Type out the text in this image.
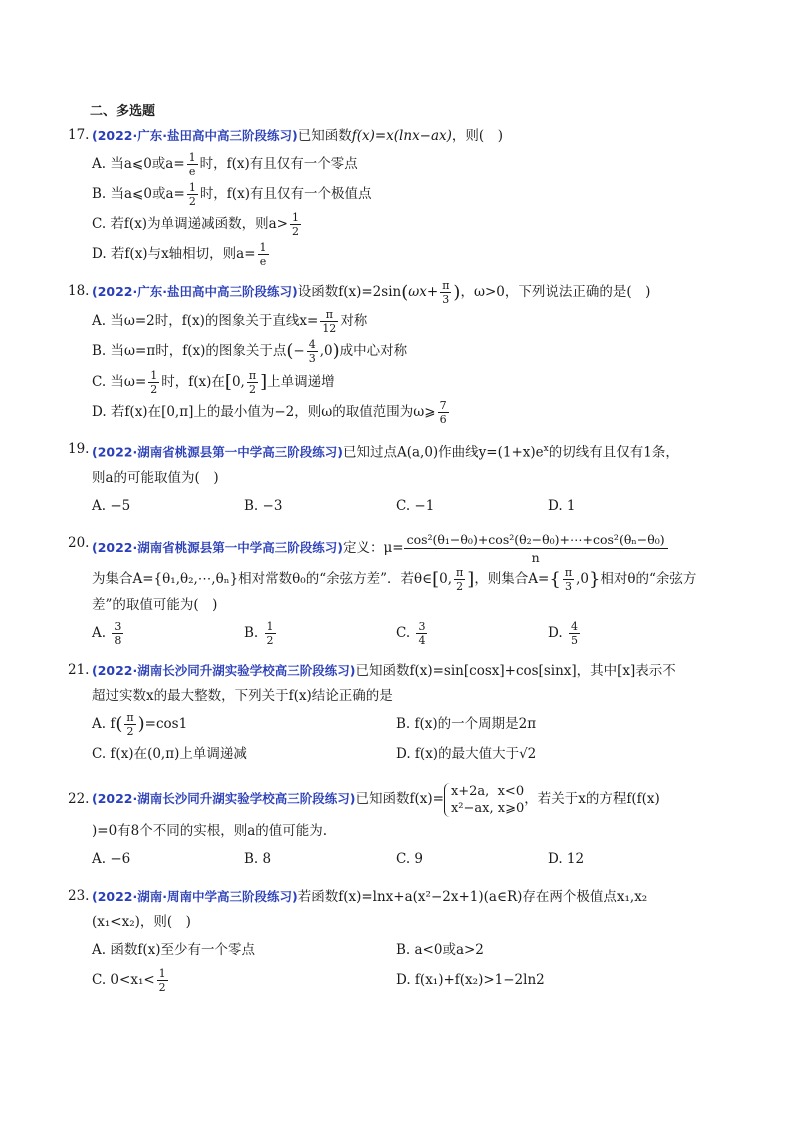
二、多选题
17. (2022·广东·盐田高中高三阶段练习)已知函数f(x)=x(lnx−ax)，则(　)
A. 当a⩽0或$a= \frac{1}{e}$ 时，f(x)有且仅有一个零点
B. 当a⩽0或$a= \frac{1}{2}$ 时，f(x)有且仅有一个极值点
C. 若f(x)为单调递减函数，则$a> \frac{1}{2}$
D. 若f(x)与x轴相切，则$a= \frac{1}{e}$
18. (2022·广东·盐田高中高三阶段练习)设函数$f(x)=2\sin(\omega x+ \frac{\pi}{3}$ )，ω>0，下列说法正确的是(　)
A. 当ω=2时，f(x)的图象关于直线$x= \frac{\pi}{12}$ 对称
B. 当ω=π时，f(x)的图象关于点(− $\frac{4}{3} ,0$)成中心对称
C. 当$\omega= \frac{1}{2}$ 时，f(x)在[0, $\frac{\pi}{2}$ ]上单调递增
D. 若f(x)在[0,π]上的最小值为−2，则ω的取值范围为ω⩾ $\frac{7}{6}$
19. (2022·湖南省桃源县第一中学高三阶段练习)已知过点A(a,0)作曲线$y=(1+x)e^x$的切线有且仅有1条，
则a的可能取值为(　)
A. −5	B. −3	C. −1	D. 1
20. (2022·湖南省桃源县第一中学高三阶段练习)定义：$\mu= \frac{\text{cos²(θ₁−θ₀)+cos²(θ₂−θ₀)+⋯+cos²(θₙ−θ₀)}}{n}$
为集合A={θ₁,θ₂,⋯,θₙ}相对常数θ₀的“余弦方差”．若θ∈[0, $\frac{\pi}{2}$ ]，则集合$A=\{ \frac{\pi}{3} ,0\}$相对θ的“余弦方
差”的取值可能为(　)
A. $\frac{3}{8}$	B. $\frac{1}{2}$	C. $\frac{3}{4}$	D. $\frac{4}{5}$
21. (2022·湖南长沙同升湖实验学校高三阶段练习)已知函数f(x)=sin[cosx]+cos[sinx]，其中[x]表示不
超过实数x的最大整数，下列关于f(x)结论正确的是
A. $f( \frac{\pi}{2} )=\cos 1$	B. f(x)的一个周期是2π
C. f(x)在(0,π)上单调递减	D. f(x)的最大值大于√2
22. (2022·湖南长沙同升湖实验学校高三阶段练习)已知函数f(x)= x+2a, x<0
x²−ax, x⩾0
，若关于x的方程f(f(x)
)=0有8个不同的实根，则a的值可能为.
A. −6	B. 8	C. 9	D. 12
23. (2022·湖南·周南中学高三阶段练习)若函数f(x)=lnx+a(x²−2x+1)(a∈R)存在两个极值点x₁,x₂
(x₁<x₂)，则(　)
A. 函数f(x)至少有一个零点	B. a<0或a>2
C. $0<x_1< \frac{1}{2}$	D. f(x₁)+f(x₂)>1−2ln2
